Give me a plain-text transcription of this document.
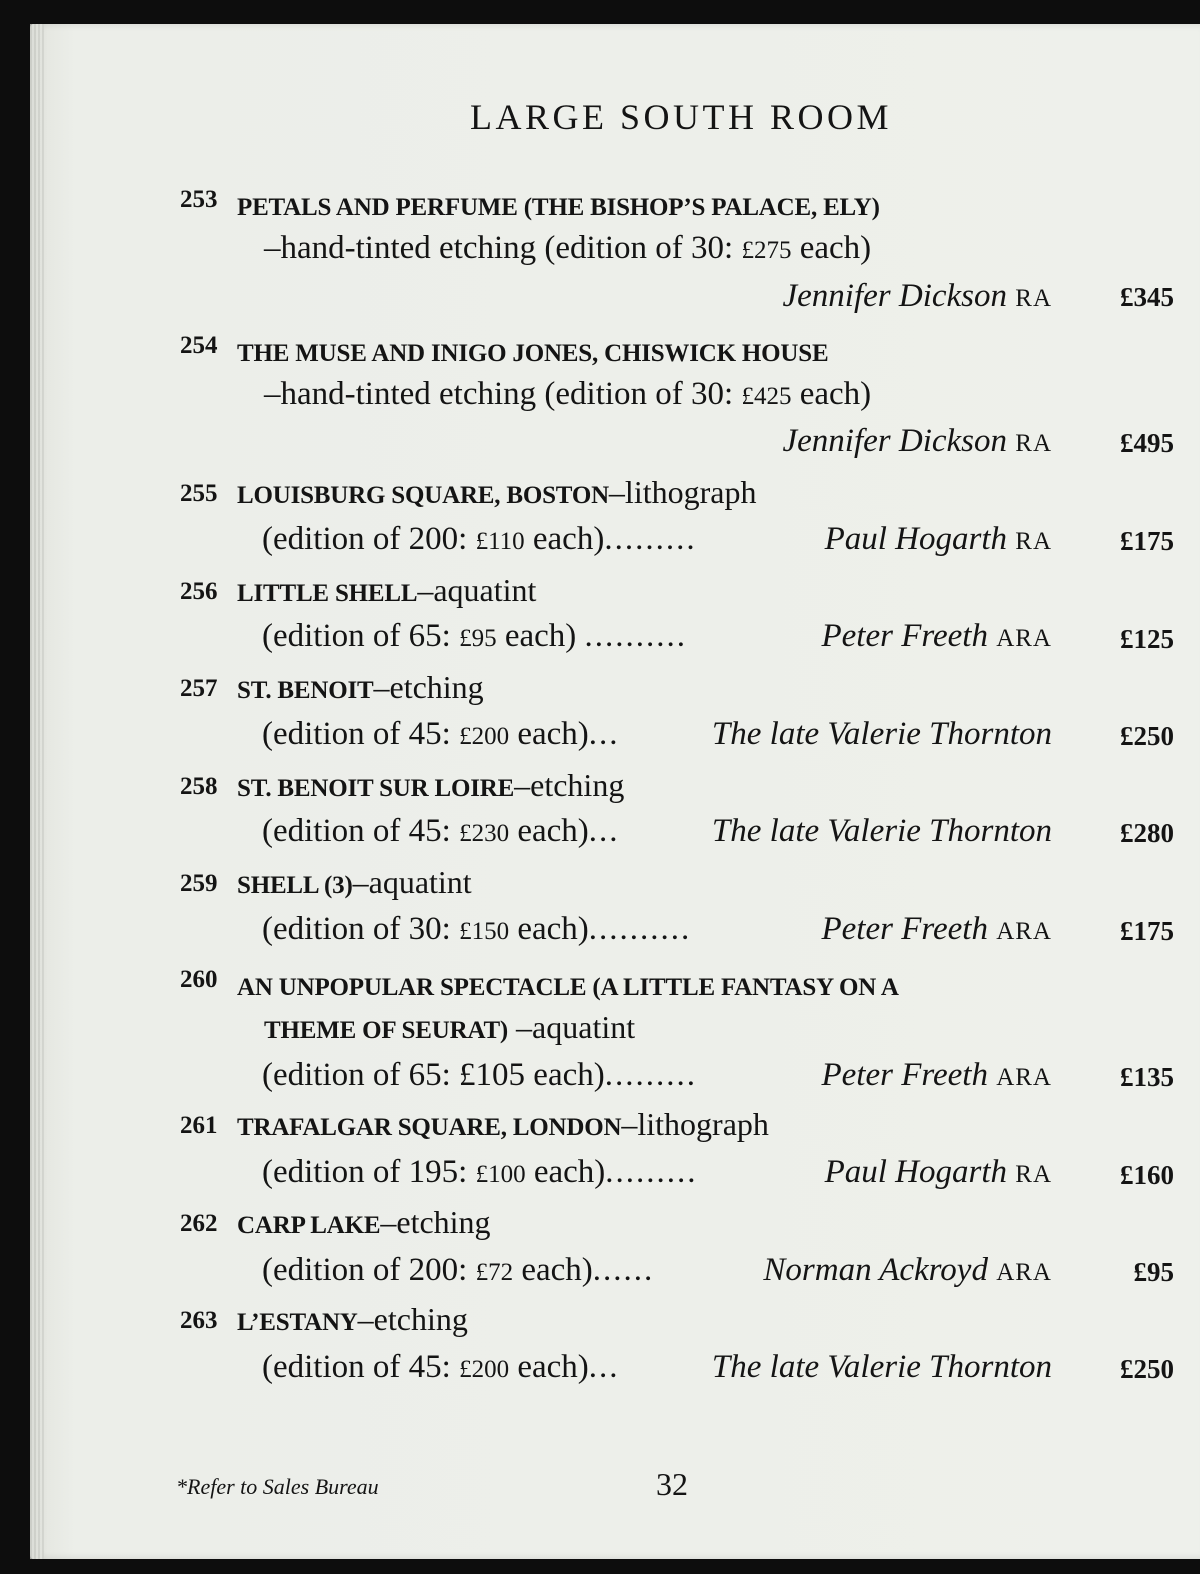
LARGE SOUTH ROOM
253 PETALS AND PERFUME (THE BISHOP’S PALACE, ELY)
–hand-tinted etching (edition of 30: £275 each)
Jennifer Dickson RA	£345
254 THE MUSE AND INIGO JONES, CHISWICK HOUSE
–hand-tinted etching (edition of 30: £425 each)
Jennifer Dickson RA	£495
255 LOUISBURG SQUARE, BOSTON–lithograph
(edition of 200: £110 each).........	Paul Hogarth RA	£175
256 LITTLE SHELL–aquatint
(edition of 65: £95 each) ..........	Peter Freeth ARA	£125
257 ST. BENOIT–etching
(edition of 45: £200 each)...	The late Valerie Thornton	£250
258 ST. BENOIT SUR LOIRE–etching
(edition of 45: £230 each)...	The late Valerie Thornton	£280
259 SHELL (3)–aquatint
(edition of 30: £150 each)..........	Peter Freeth ARA	£175
260 AN UNPOPULAR SPECTACLE (A LITTLE FANTASY ON A
THEME OF SEURAT) –aquatint
(edition of 65: £105 each).........	Peter Freeth ARA	£135
261 TRAFALGAR SQUARE, LONDON–lithograph
(edition of 195: £100 each).........	Paul Hogarth RA	£160
262 CARP LAKE–etching
(edition of 200: £72 each)......	Norman Ackroyd ARA	£95
263 L’ESTANY–etching
(edition of 45: £200 each)...	The late Valerie Thornton	£250
*Refer to Sales Bureau	32
